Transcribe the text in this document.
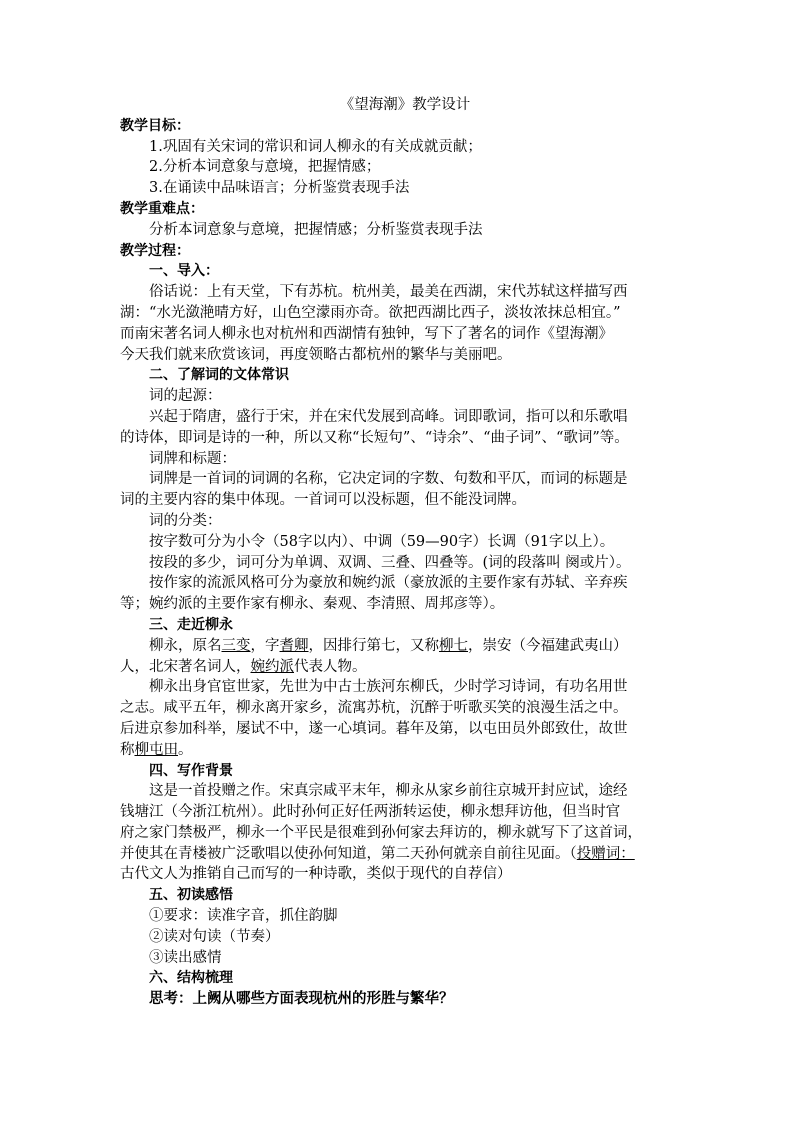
《望海潮》教学设计
教学目标：
1.巩固有关宋词的常识和词人柳永的有关成就贡献；
2.分析本词意象与意境，把握情感；
3.在诵读中品味语言；分析鉴赏表现手法
教学重难点：
分析本词意象与意境，把握情感；分析鉴赏表现手法
教学过程：
一、导入：
俗话说：上有天堂，下有苏杭。杭州美，最美在西湖，宋代苏轼这样描写西
湖：“水光潋滟晴方好，山色空濛雨亦奇。欲把西湖比西子，淡妆浓抹总相宜。”
而南宋著名词人柳永也对杭州和西湖情有独钟，写下了著名的词作《望海潮》
今天我们就来欣赏该词，再度领略古都杭州的繁华与美丽吧。
二、了解词的文体常识
词的起源：
兴起于隋唐，盛行于宋，并在宋代发展到高峰。词即歌词，指可以和乐歌唱
的诗体，即词是诗的一种，所以又称“长短句”、“诗余”、“曲子词”、“歌词”等。
词牌和标题：
词牌是一首词的词调的名称，它决定词的字数、句数和平仄，而词的标题是
词的主要内容的集中体现。一首词可以没标题，但不能没词牌。
词的分类：
按字数可分为小令（58字以内）、中调（59—90字）长调（91字以上）。
按段的多少，词可分为单调、双调、三叠、四叠等。(词的段落叫 阕或片）。
按作家的流派风格可分为豪放和婉约派（豪放派的主要作家有苏轼、辛弃疾
等；婉约派的主要作家有柳永、秦观、李清照、周邦彦等）。
三、走近柳永
柳永，原名三变，字耆卿，因排行第七，又称柳七，崇安（今福建武夷山）
人，北宋著名词人，婉约派代表人物。
柳永出身官宦世家，先世为中古士族河东柳氏，少时学习诗词，有功名用世
之志。咸平五年，柳永离开家乡，流寓苏杭，沉醉于听歌买笑的浪漫生活之中。
后进京参加科举，屡试不中，遂一心填词。暮年及第，以屯田员外郎致仕，故世
称柳屯田。
四、写作背景
这是一首投赠之作。宋真宗咸平末年，柳永从家乡前往京城开封应试，途经
钱塘江（今浙江杭州）。此时孙何正好任两浙转运使，柳永想拜访他，但当时官
府之家门禁极严，柳永一个平民是很难到孙何家去拜访的，柳永就写下了这首词，
并使其在青楼被广泛歌唱以使孙何知道，第二天孙何就亲自前往见面。（投赠词：
古代文人为推销自己而写的一种诗歌，类似于现代的自荐信）
五、初读感悟
①要求：读准字音，抓住韵脚
②读对句读（节奏）
③读出感情
六、结构梳理
思考：上阙从哪些方面表现杭州的形胜与繁华？
